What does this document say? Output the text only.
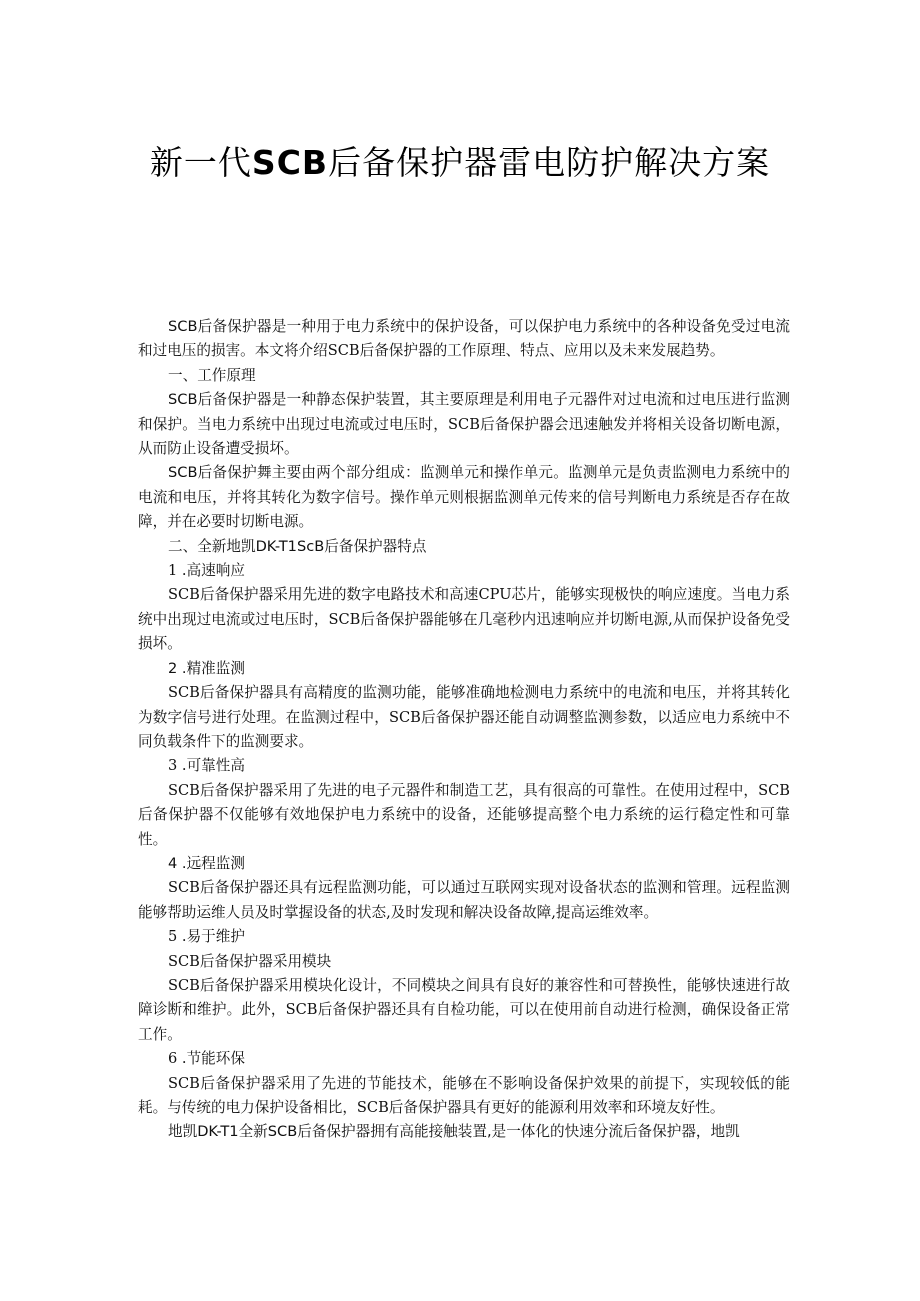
新一代SCB后备保护器雷电防护解决方案

SCB后备保护器是一种用于电力系统中的保护设备，可以保护电力系统中的各种设备免受过电流和过电压的损害。本文将介绍SCB后备保护器的工作原理、特点、应用以及未来发展趋势。

一、工作原理

SCB后备保护器是一种静态保护装置，其主要原理是利用电子元器件对过电流和过电压进行监测和保护。当电力系统中出现过电流或过电压时，SCB后备保护器会迅速触发并将相关设备切断电源，从而防止设备遭受损坏。

SCB后备保护舞主要由两个部分组成：监测单元和操作单元。监测单元是负责监测电力系统中的电流和电压，并将其转化为数字信号。操作单元则根据监测单元传来的信号判断电力系统是否存在故障，并在必要时切断电源。

二、全新地凯DK-T1ScB后备保护器特点

1 .高速响应

SCB后备保护器采用先进的数字电路技术和高速CPU芯片，能够实现极快的响应速度。当电力系统中出现过电流或过电压时，SCB后备保护器能够在几毫秒内迅速响应并切断电源,从而保护设备免受损坏。

2 .精准监测

SCB后备保护器具有高精度的监测功能，能够准确地检测电力系统中的电流和电压，并将其转化为数字信号进行处理。在监测过程中，SCB后备保护器还能自动调整监测参数，以适应电力系统中不同负载条件下的监测要求。

3 .可靠性高

SCB后备保护器采用了先进的电子元器件和制造工艺，具有很高的可靠性。在使用过程中，SCB后备保护器不仅能够有效地保护电力系统中的设备，还能够提高整个电力系统的运行稳定性和可靠性。

4 .远程监测

SCB后备保护器还具有远程监测功能，可以通过互联网实现对设备状态的监测和管理。远程监测能够帮助运维人员及时掌握设备的状态,及时发现和解决设备故障,提高运维效率。

5 .易于维护

SCB后备保护器采用模块

SCB后备保护器采用模块化设计，不同模块之间具有良好的兼容性和可替换性，能够快速进行故障诊断和维护。此外，SCB后备保护器还具有自检功能，可以在使用前自动进行检测，确保设备正常工作。

6 .节能环保

SCB后备保护器采用了先进的节能技术，能够在不影响设备保护效果的前提下，实现较低的能耗。与传统的电力保护设备相比，SCB后备保护器具有更好的能源利用效率和环境友好性。

地凯DK-T1全新SCB后备保护器拥有高能接触装置,是一体化的快速分流后备保护器，地凯
